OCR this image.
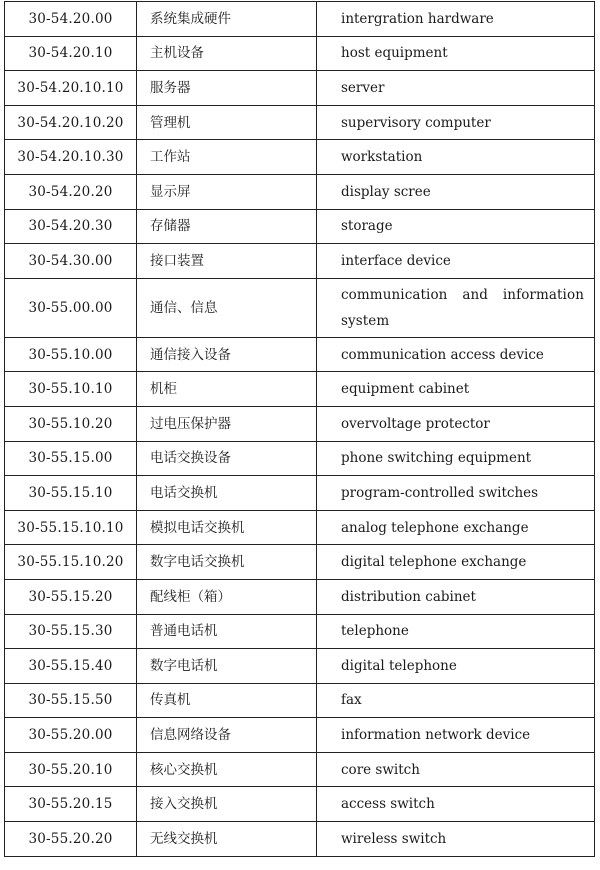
30-54.20.00	系统集成硬件	intergration hardware
30-54.20.10	主机设备	host equipment
30-54.20.10.10	服务器	server
30-54.20.10.20	管理机	supervisory computer
30-54.20.10.30	工作站	workstation
30-54.20.20	显示屏	display scree
30-54.20.30	存储器	storage
30-54.30.00	接口装置	interface device
30-55.00.00	通信、信息	communication and information system
30-55.10.00	通信接入设备	communication access device
30-55.10.10	机柜	equipment cabinet
30-55.10.20	过电压保护器	overvoltage protector
30-55.15.00	电话交换设备	phone switching equipment
30-55.15.10	电话交换机	program-controlled switches
30-55.15.10.10	模拟电话交换机	analog telephone exchange
30-55.15.10.20	数字电话交换机	digital telephone exchange
30-55.15.20	配线柜（箱）	distribution cabinet
30-55.15.30	普通电话机	telephone
30-55.15.40	数字电话机	digital telephone
30-55.15.50	传真机	fax
30-55.20.00	信息网络设备	information network device
30-55.20.10	核心交换机	core switch
30-55.20.15	接入交换机	access switch
30-55.20.20	无线交换机	wireless switch
